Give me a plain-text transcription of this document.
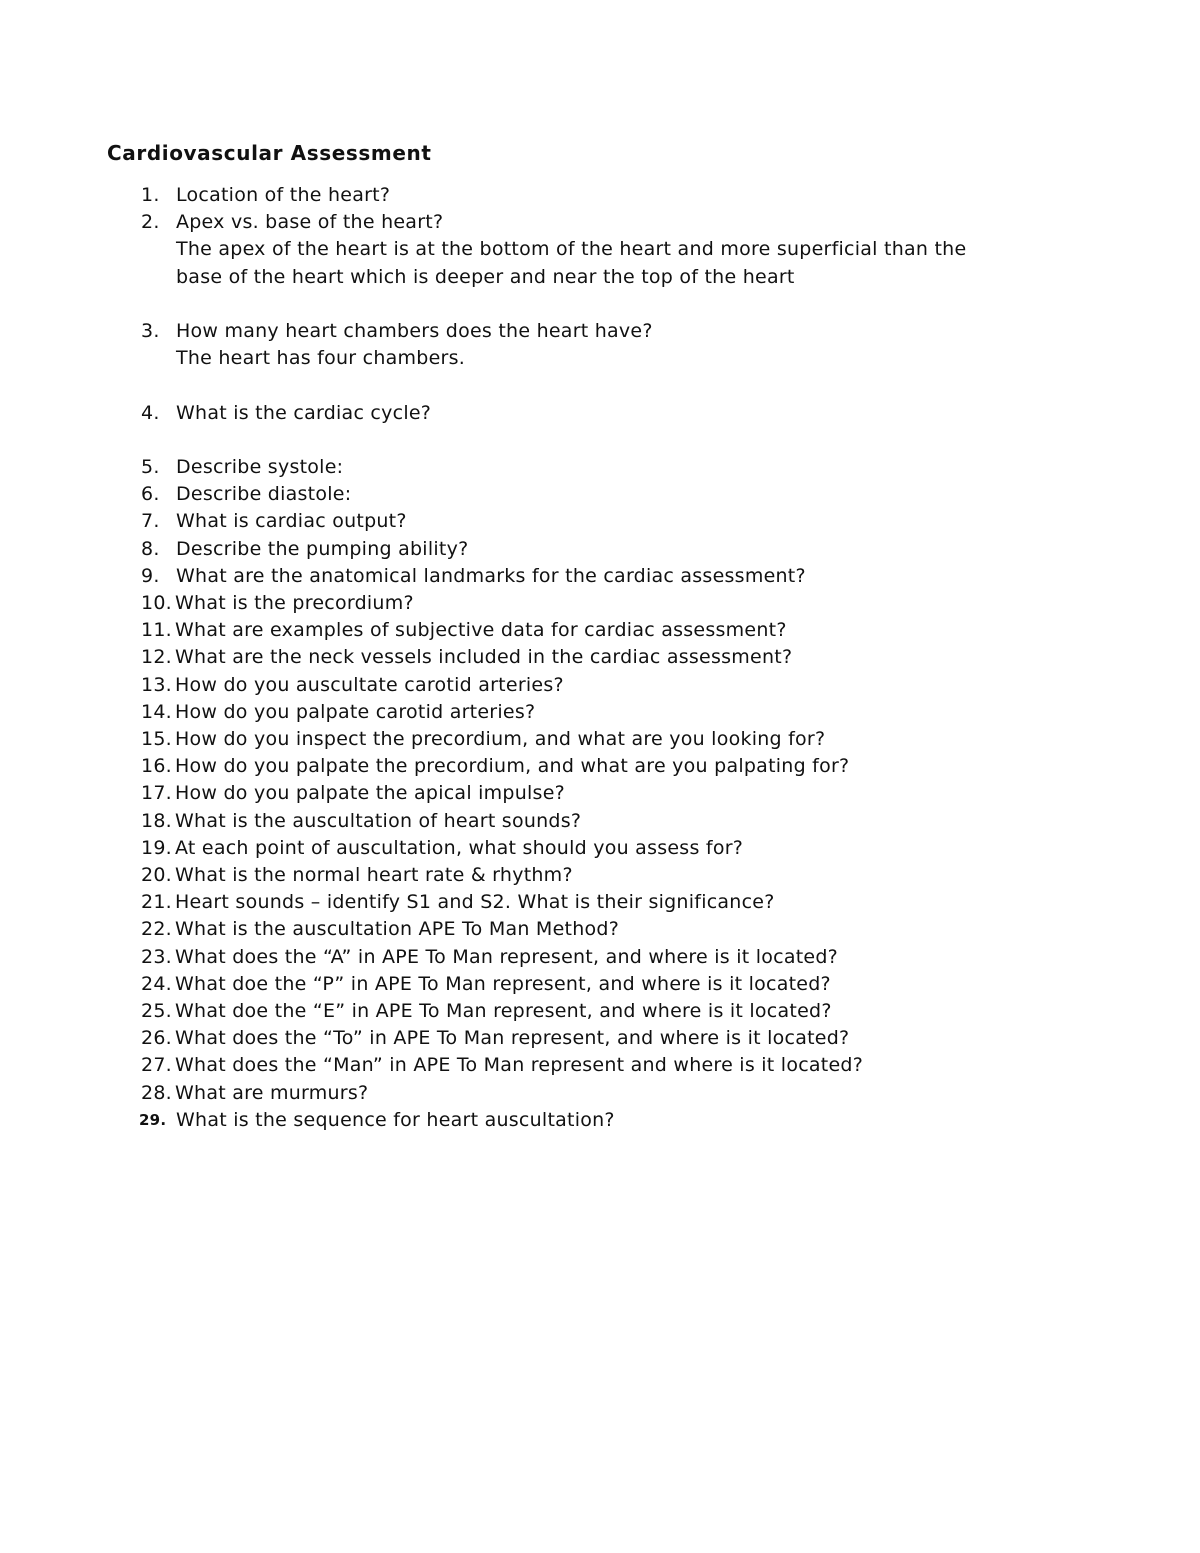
Cardiovascular Assessment
1. Location of the heart?
2. Apex vs. base of the heart?
The apex of the heart is at the bottom of the heart and more superficial than the
base of the heart which is deeper and near the top of the heart
3. How many heart chambers does the heart have?
The heart has four chambers.
4. What is the cardiac cycle?
5. Describe systole:
6. Describe diastole:
7. What is cardiac output?
8. Describe the pumping ability?
9. What are the anatomical landmarks for the cardiac assessment?
10. What is the precordium?
11. What are examples of subjective data for cardiac assessment?
12. What are the neck vessels included in the cardiac assessment?
13. How do you auscultate carotid arteries?
14. How do you palpate carotid arteries?
15. How do you inspect the precordium, and what are you looking for?
16. How do you palpate the precordium, and what are you palpating for?
17. How do you palpate the apical impulse?
18. What is the auscultation of heart sounds?
19. At each point of auscultation, what should you assess for?
20. What is the normal heart rate & rhythm?
21. Heart sounds – identify S1 and S2. What is their significance?
22. What is the auscultation APE To Man Method?
23. What does the “A” in APE To Man represent, and where is it located?
24. What doe the “P” in APE To Man represent, and where is it located?
25. What doe the “E” in APE To Man represent, and where is it located?
26. What does the “To” in APE To Man represent, and where is it located?
27. What does the “Man” in APE To Man represent and where is it located?
28. What are murmurs?
29. What is the sequence for heart auscultation?
